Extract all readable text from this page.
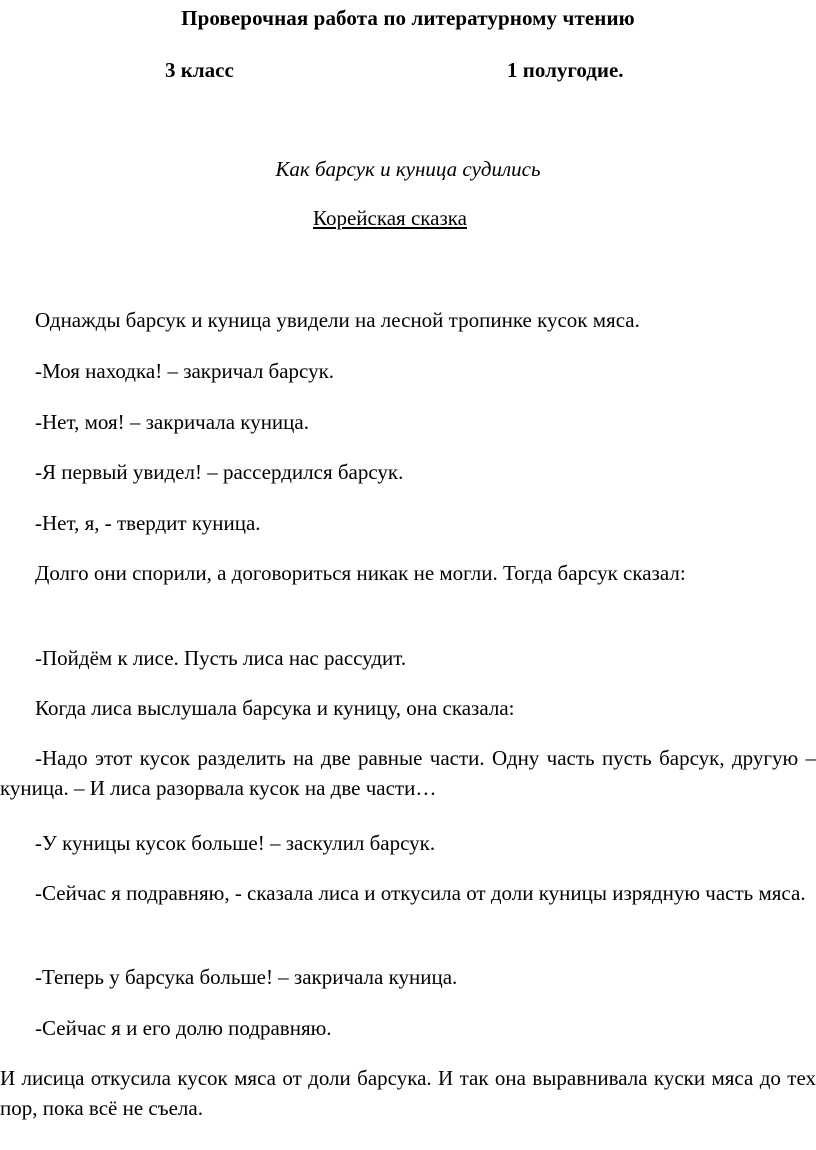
Проверочная работа по литературному чтению
3 класс	1 полугодие.
Как барсук и куница судились
Корейская сказка

Однажды барсук и куница увидели на лесной тропинке кусок мяса.

-Моя находка! – закричал барсук.

-Нет, моя! – закричала куница.

-Я первый увидел! – рассердился барсук.

-Нет, я, - твердит куница.

Долго они спорили, а договориться никак не могли. Тогда барсук сказал:

-Пойдём к лисе. Пусть лиса нас рассудит.

Когда лиса выслушала барсука и куницу, она сказала:

-Надо этот кусок разделить на две равные части. Одну часть пусть барсук, другую – куница. – И лиса разорвала кусок на две части…

-У куницы кусок больше! – заскулил барсук.

-Сейчас я подравняю, - сказала лиса и откусила от доли куницы изрядную часть мяса.

-Теперь у барсука больше! – закричала куница.

-Сейчас я и его долю подравняю.

И лисица откусила кусок мяса от доли барсука. И так она выравнивала куски мяса до тех пор, пока всё не съела.
